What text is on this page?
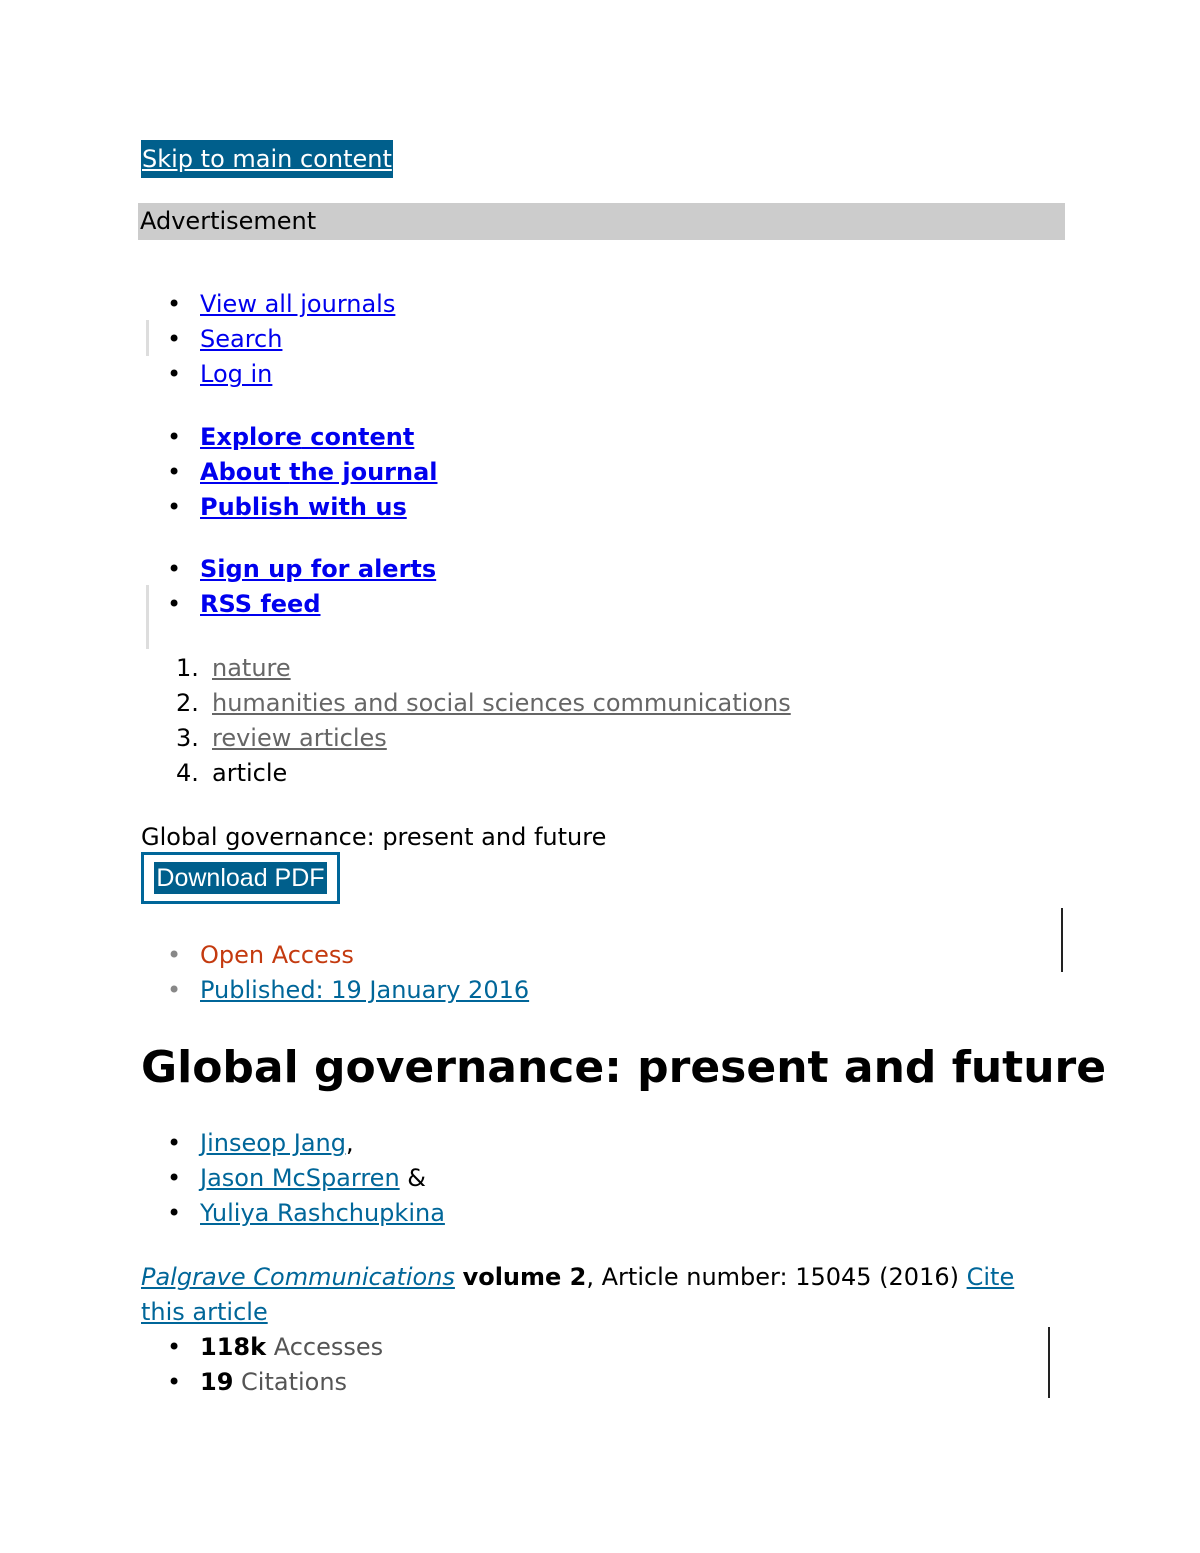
Skip to main content
Advertisement
• View all journals
• Search
• Log in
• Explore content
• About the journal
• Publish with us
• Sign up for alerts
• RSS feed
1. nature
2. humanities and social sciences communications
3. review articles
4. article
Global governance: present and future
Download PDF
• Open Access
• Published: 19 January 2016
Global governance: present and future
• Jinseop Jang,
• Jason McSparren &
• Yuliya Rashchupkina
Palgrave Communications volume 2, Article number: 15045 (2016) Cite this article
• 118k Accesses
• 19 Citations
